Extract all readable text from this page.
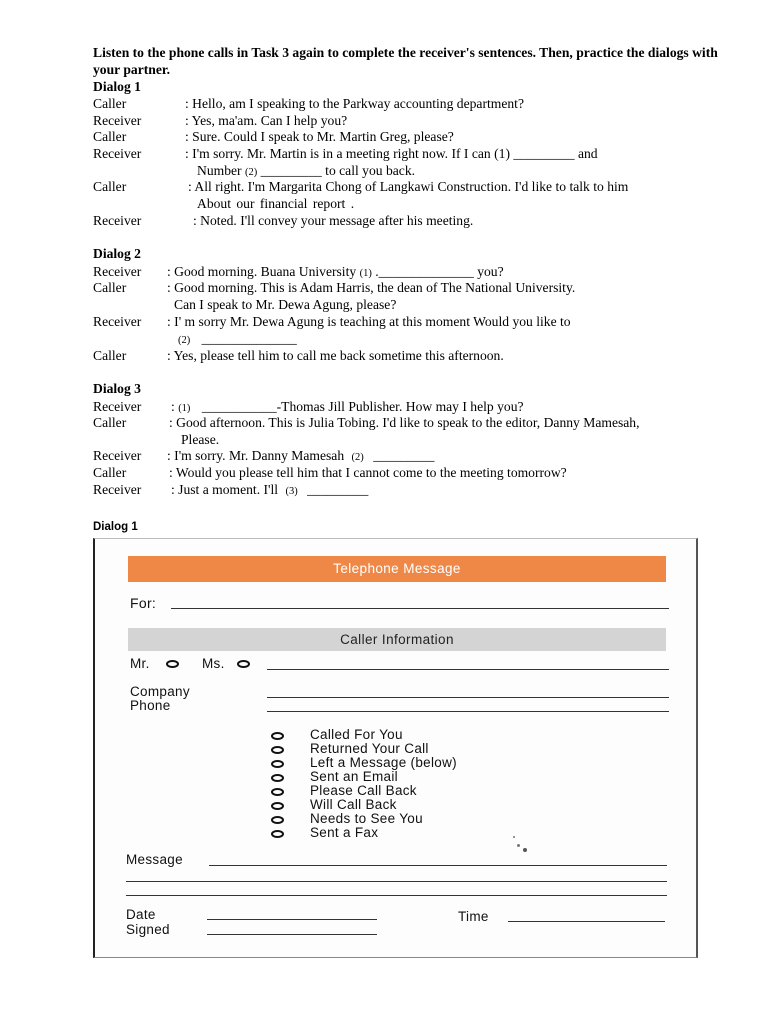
Listen to the phone calls in Task 3 again to complete the receiver's sentences. Then, practice the dialogs with your partner.
Dialog 1
Caller	: Hello, am I speaking to the Parkway accounting department?
Receiver	: Yes, ma'am. Can I help you?
Caller	: Sure. Could I speak to Mr. Martin Greg, please?
Receiver	: I'm sorry. Mr. Martin is in a meeting right now. If I can (1) _________ and
Number (2) _________ to call you back.
Caller	: All right. I'm Margarita Chong of Langkawi Construction. I'd like to talk to him
About our financial report .
Receiver	: Noted. I'll convey your message after his meeting.
Dialog 2
Receiver : Good morning. Buana University (1) .______________ you?
Caller	: Good morning. This is Adam Harris, the dean of The National University.
Can I speak to Mr. Dewa Agung, please?
Receiver : I' m sorry Mr. Dewa Agung is teaching at this moment Would you like to
(2) ______________
Caller	: Yes, please tell him to call me back sometime this afternoon.
Dialog 3
Receiver : (1) ___________-Thomas Jill Publisher. How may I help you?
Caller	: Good afternoon. This is Julia Tobing. I'd like to speak to the editor, Danny Mamesah,
Please.
Receiver : I'm sorry. Mr. Danny Mamesah (2) _________
Caller	: Would you please tell him that I cannot come to the meeting tomorrow?
Receiver : Just a moment. I'll (3) _________
Dialog 1
Telephone Message
For:
Caller Information
Mr.	Ms.
Company
Phone
Called For You
Returned Your Call
Left a Message (below)
Sent an Email
Please Call Back
Will Call Back
Needs to See You
Sent a Fax
Message
Date	Time
Signed
